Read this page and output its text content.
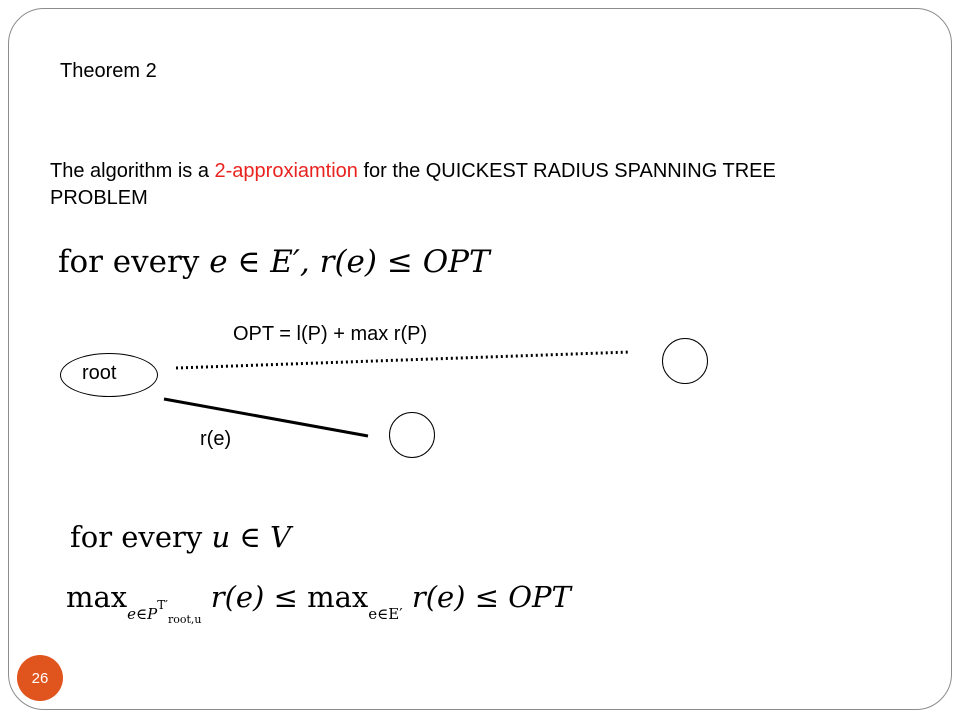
Theorem 2
The algorithm is a 2-approxiamtion for the QUICKEST RADIUS SPANNING TREE PROBLEM
for every e ∈ E′, r(e) ≤ OPT
OPT = l(P) + max r(P)
root
r(e)
for every u ∈ V
$\max_{e\in P^{T'}_{root,u}} r(e) \le \max_{e\in E'} r(e)$ ≤ OPT
26
